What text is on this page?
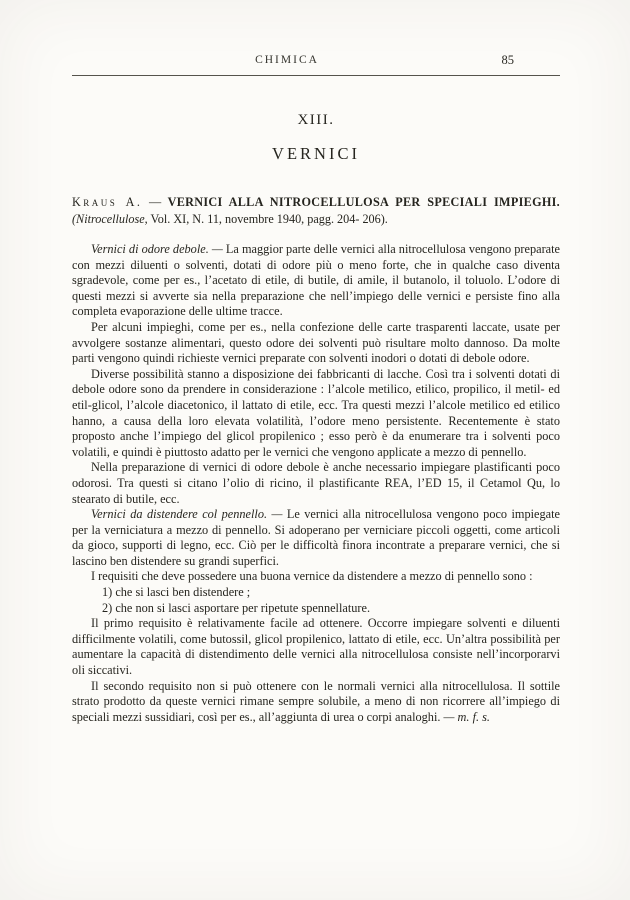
CHIMICA	85
XIII.
VERNICI

Kraus A. — VERNICI ALLA NITROCELLULOSA PER SPECIALI IMPIEGHI. (Nitrocellulose, Vol. XI, N. 11, novembre 1940, pagg. 204- 206).

Vernici di odore debole. — La maggior parte delle vernici alla nitrocellulosa vengono preparate con mezzi diluenti o solventi, dotati di odore più o meno forte, che in qualche caso diventa sgradevole, come per es., l’acetato di etile, di butile, di amile, il butanolo, il toluolo. L’odore di questi mezzi si avverte sia nella preparazione che nell’impiego delle vernici e persiste fino alla completa evaporazione delle ultime tracce.

Per alcuni impieghi, come per es., nella confezione delle carte trasparenti laccate, usate per avvolgere sostanze alimentari, questo odore dei solventi può risultare molto dannoso. Da molte parti vengono quindi richieste vernici preparate con solventi inodori o dotati di debole odore.

Diverse possibilità stanno a disposizione dei fabbricanti di lacche. Così tra i solventi dotati di debole odore sono da prendere in considerazione : l’alcole metilico, etilico, propilico, il metil- ed etil-glicol, l’alcole diacetonico, il lattato di etile, ecc. Tra questi mezzi l’alcole metilico ed etilico hanno, a causa della loro elevata volatilità, l’odore meno persistente. Recentemente è stato proposto anche l’impiego del glicol propilenico ; esso però è da enumerare tra i solventi poco volatili, e quindi è piuttosto adatto per le vernici che vengono applicate a mezzo di pennello.

Nella preparazione di vernici di odore debole è anche necessario impiegare plastificanti poco odorosi. Tra questi si citano l’olio di ricino, il plastificante REA, l’ED 15, il Cetamol Qu, lo stearato di butile, ecc.

Vernici da distendere col pennello. — Le vernici alla nitrocellulosa vengono poco impiegate per la verniciatura a mezzo di pennello. Si adoperano per verniciare piccoli oggetti, come articoli da gioco, supporti di legno, ecc. Ciò per le difficoltà finora incontrate a preparare vernici, che si lascino ben distendere su grandi superfici.

I requisiti che deve possedere una buona vernice da distendere a mezzo di pennello sono :

1) che si lasci ben distendere ;

2) che non si lasci asportare per ripetute spennellature.

Il primo requisito è relativamente facile ad ottenere. Occorre impiegare solventi e diluenti difficilmente volatili, come butossil, glicol propilenico, lattato di etile, ecc. Un’altra possibilità per aumentare la capacità di distendimento delle vernici alla nitrocellulosa consiste nell’incorporarvi oli siccativi.

Il secondo requisito non si può ottenere con le normali vernici alla nitrocellulosa. Il sottile strato prodotto da queste vernici rimane sempre solubile, a meno di non ricorrere all’impiego di speciali mezzi sussidiari, così per es., all’aggiunta di urea o corpi analoghi. — m. f. s.
